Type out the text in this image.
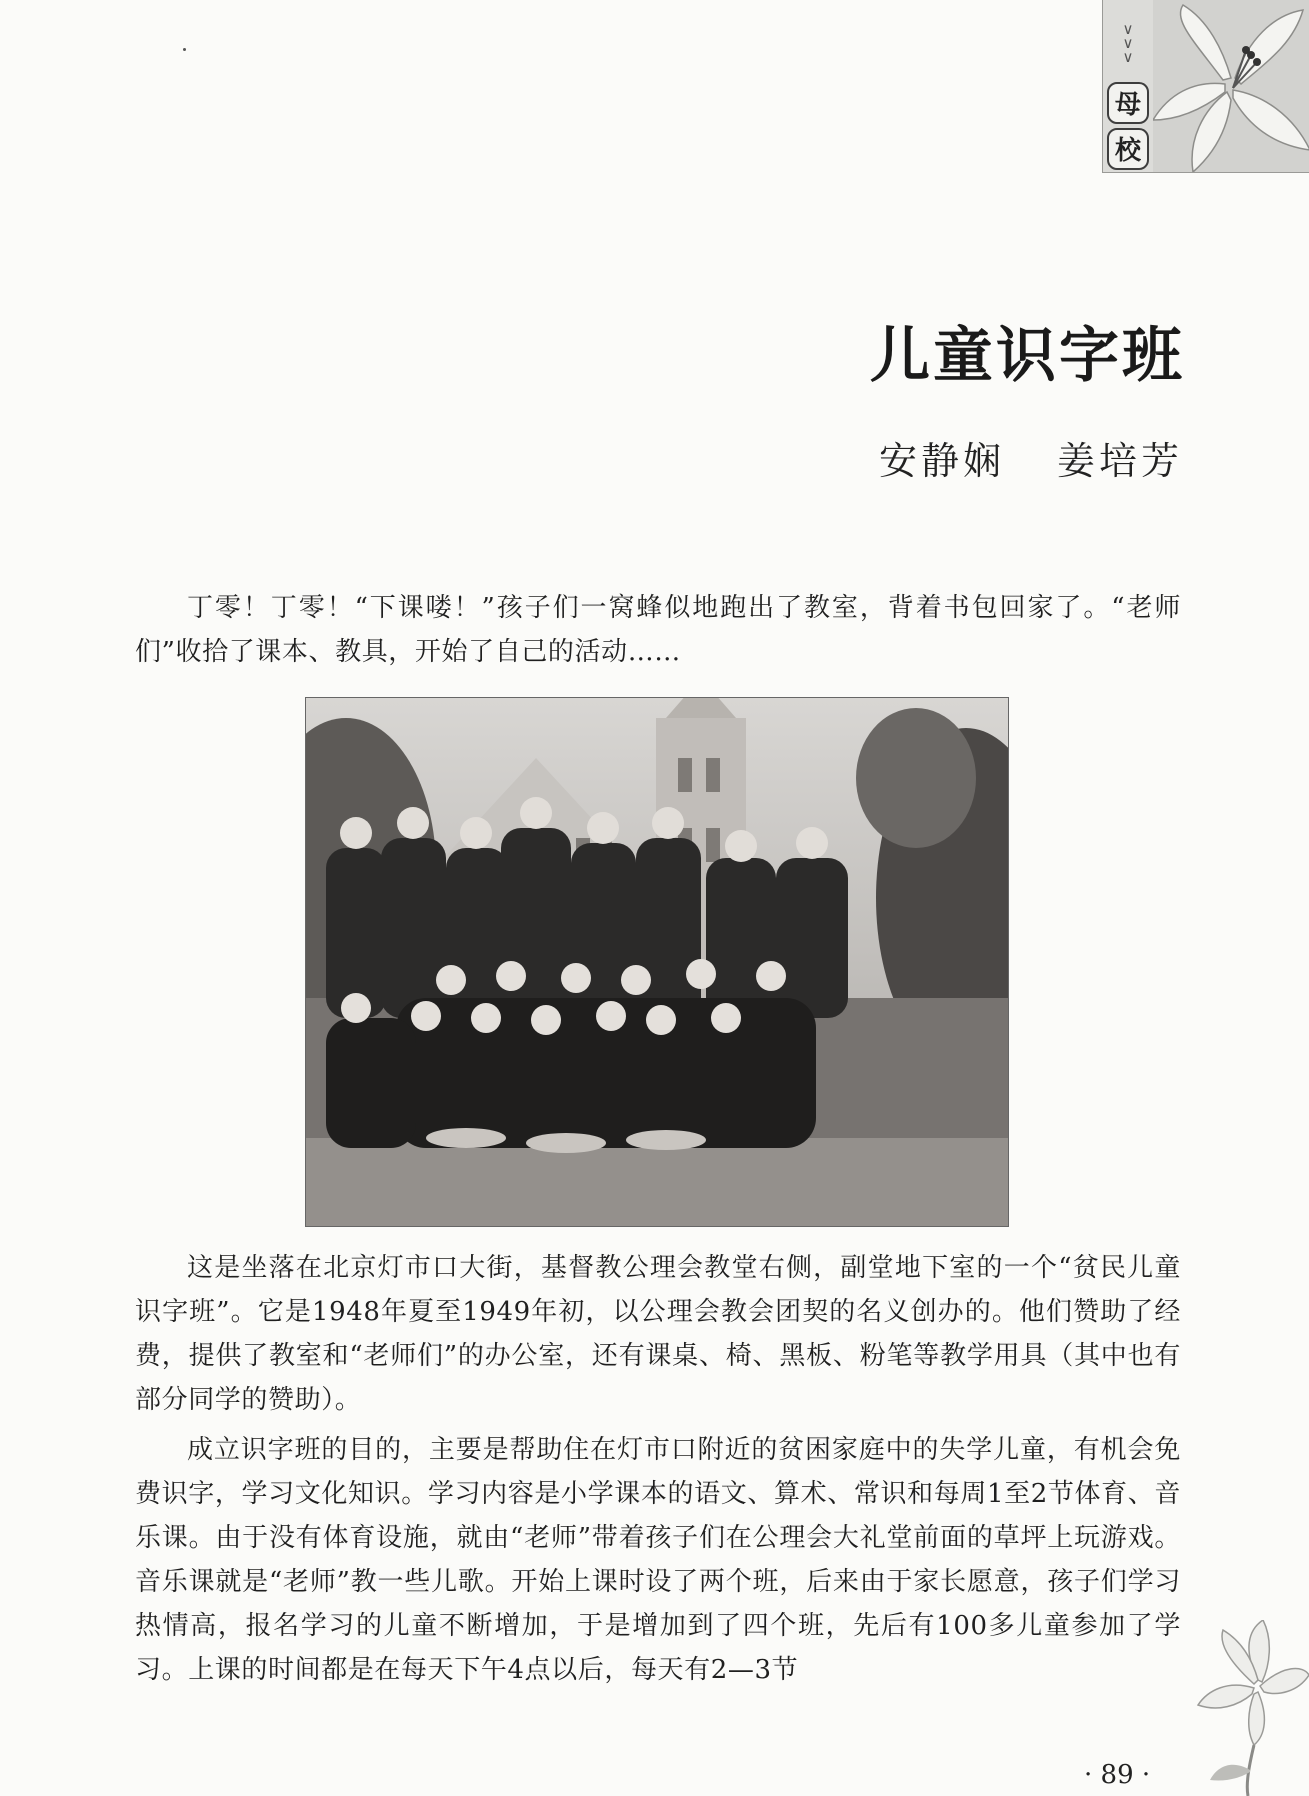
∨
∨
∨
母
校
儿童识字班
安静娴 姜培芳

丁零！丁零！“下课喽！”孩子们一窝蜂似地跑出了教室，背着书包回家了。“老师们”收拾了课本、教具，开始了自己的活动……

这是坐落在北京灯市口大街，基督教公理会教堂右侧，副堂地下室的一个“贫民儿童识字班”。它是1948年夏至1949年初，以公理会教会团契的名义创办的。他们赞助了经费，提供了教室和“老师们”的办公室，还有课桌、椅、黑板、粉笔等教学用具（其中也有部分同学的赞助）。

成立识字班的目的，主要是帮助住在灯市口附近的贫困家庭中的失学儿童，有机会免费识字，学习文化知识。学习内容是小学课本的语文、算术、常识和每周1至2节体育、音乐课。由于没有体育设施，就由“老师”带着孩子们在公理会大礼堂前面的草坪上玩游戏。音乐课就是“老师”教一些儿歌。开始上课时设了两个班，后来由于家长愿意，孩子们学习热情高，报名学习的儿童不断增加，于是增加到了四个班，先后有100多儿童参加了学习。上课的时间都是在每天下午4点以后，每天有2—3节

· 89 ·
